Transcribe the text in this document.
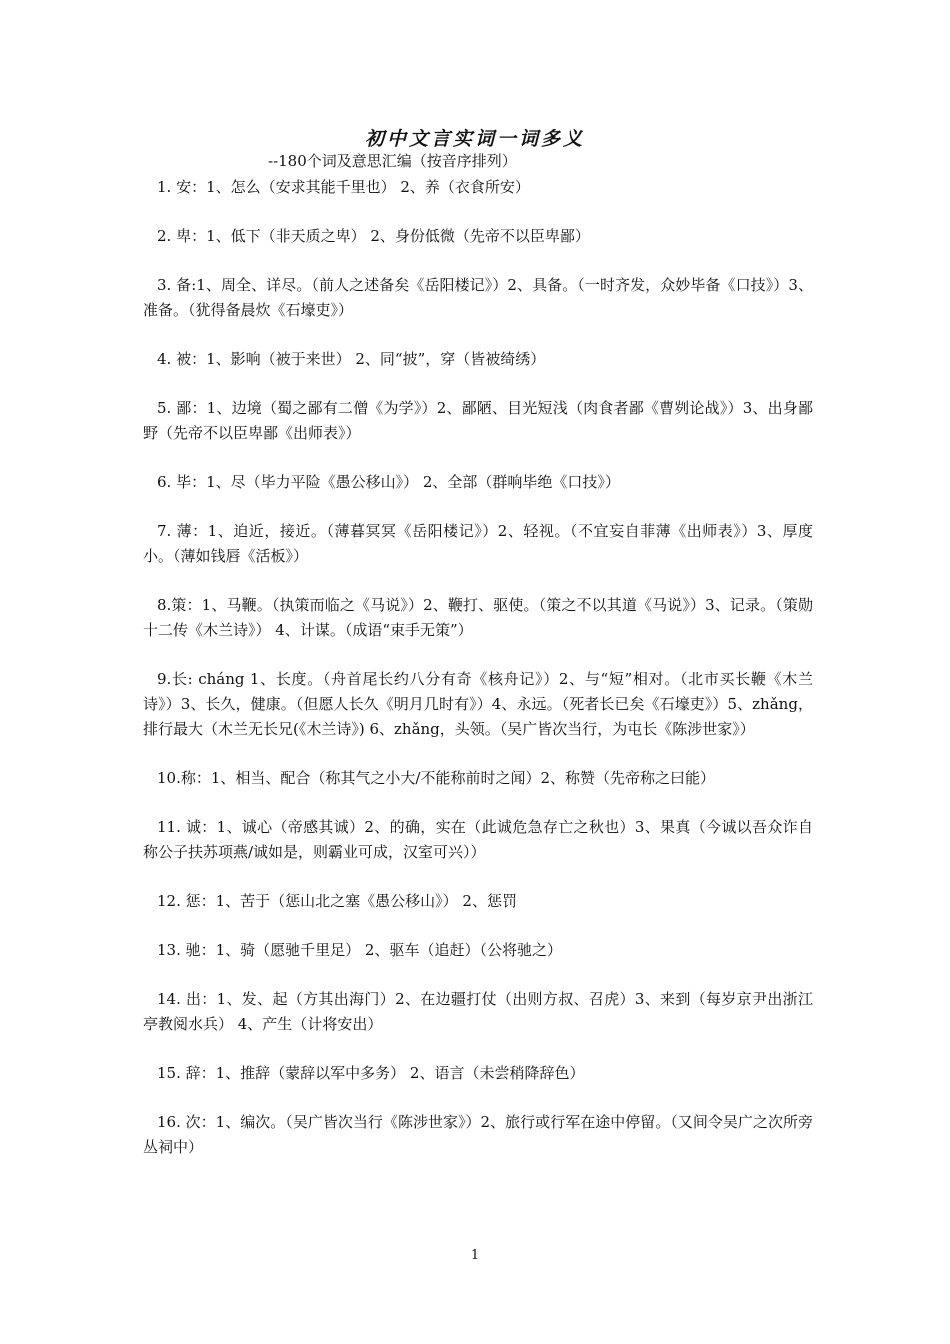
初中文言实词一词多义
--180个词及意思汇编（按音序排列）

1. 安：1、怎么（安求其能千里也） 2、养（衣食所安）

2. 卑：1、低下（非天质之卑） 2、身份低微（先帝不以臣卑鄙）

3. 备:1、周全、详尽。（前人之述备矣《岳阳楼记》）2、具备。（一时齐发，众妙毕备《口技》）3、准备。（犹得备晨炊《石壕吏》）

4. 被：1、影响（被于来世） 2、同“披”，穿（皆被绮绣）

5. 鄙：1、边境（蜀之鄙有二僧《为学》）2、鄙陋、目光短浅（肉食者鄙《曹刿论战》）3、出身鄙野（先帝不以臣卑鄙《出师表》）

6. 毕：1、尽（毕力平险《愚公移山》） 2、全部（群响毕绝《口技》）

7. 薄：1、迫近，接近。（薄暮冥冥《岳阳楼记》）2、轻视。（不宜妄自菲薄《出师表》）3、厚度小。（薄如钱唇《活板》）

8.策：1、马鞭。（执策而临之《马说》）2、鞭打、驱使。（策之不以其道《马说》）3、记录。（策勋十二传《木兰诗》） 4、计谋。（成语“束手无策”）

9.长: cháng 1、长度。（舟首尾长约八分有奇《核舟记》）2、与“短”相对。（北市买长鞭《木兰诗》）3、长久，健康。（但愿人长久《明月几时有》）4、永远。（死者长已矣《石壕吏》）5、zhǎng，排行最大（木兰无长兄(《木兰诗》) 6、zhǎng，头领。（吴广皆次当行，为屯长《陈涉世家》）

10.称：1、相当、配合（称其气之小大/不能称前时之闻）2、称赞（先帝称之曰能）

11. 诚：1、诚心（帝感其诚）2、的确，实在（此诚危急存亡之秋也）3、果真（今诚以吾众诈自称公子扶苏项燕/诚如是，则霸业可成，汉室可兴））

12. 惩：1、苦于（惩山北之塞《愚公移山》） 2、惩罚

13. 驰：1、骑（愿驰千里足） 2、驱车（追赶）（公将驰之）

14. 出：1、发、起（方其出海门）2、在边疆打仗（出则方叔、召虎）3、来到（每岁京尹出浙江亭教阅水兵） 4、产生（计将安出）

15. 辞：1、推辞（蒙辞以军中多务） 2、语言（未尝稍降辞色）

16. 次：1、编次。（吴广皆次当行《陈涉世家》）2、旅行或行军在途中停留。（又间令吴广之次所旁丛祠中）

1
